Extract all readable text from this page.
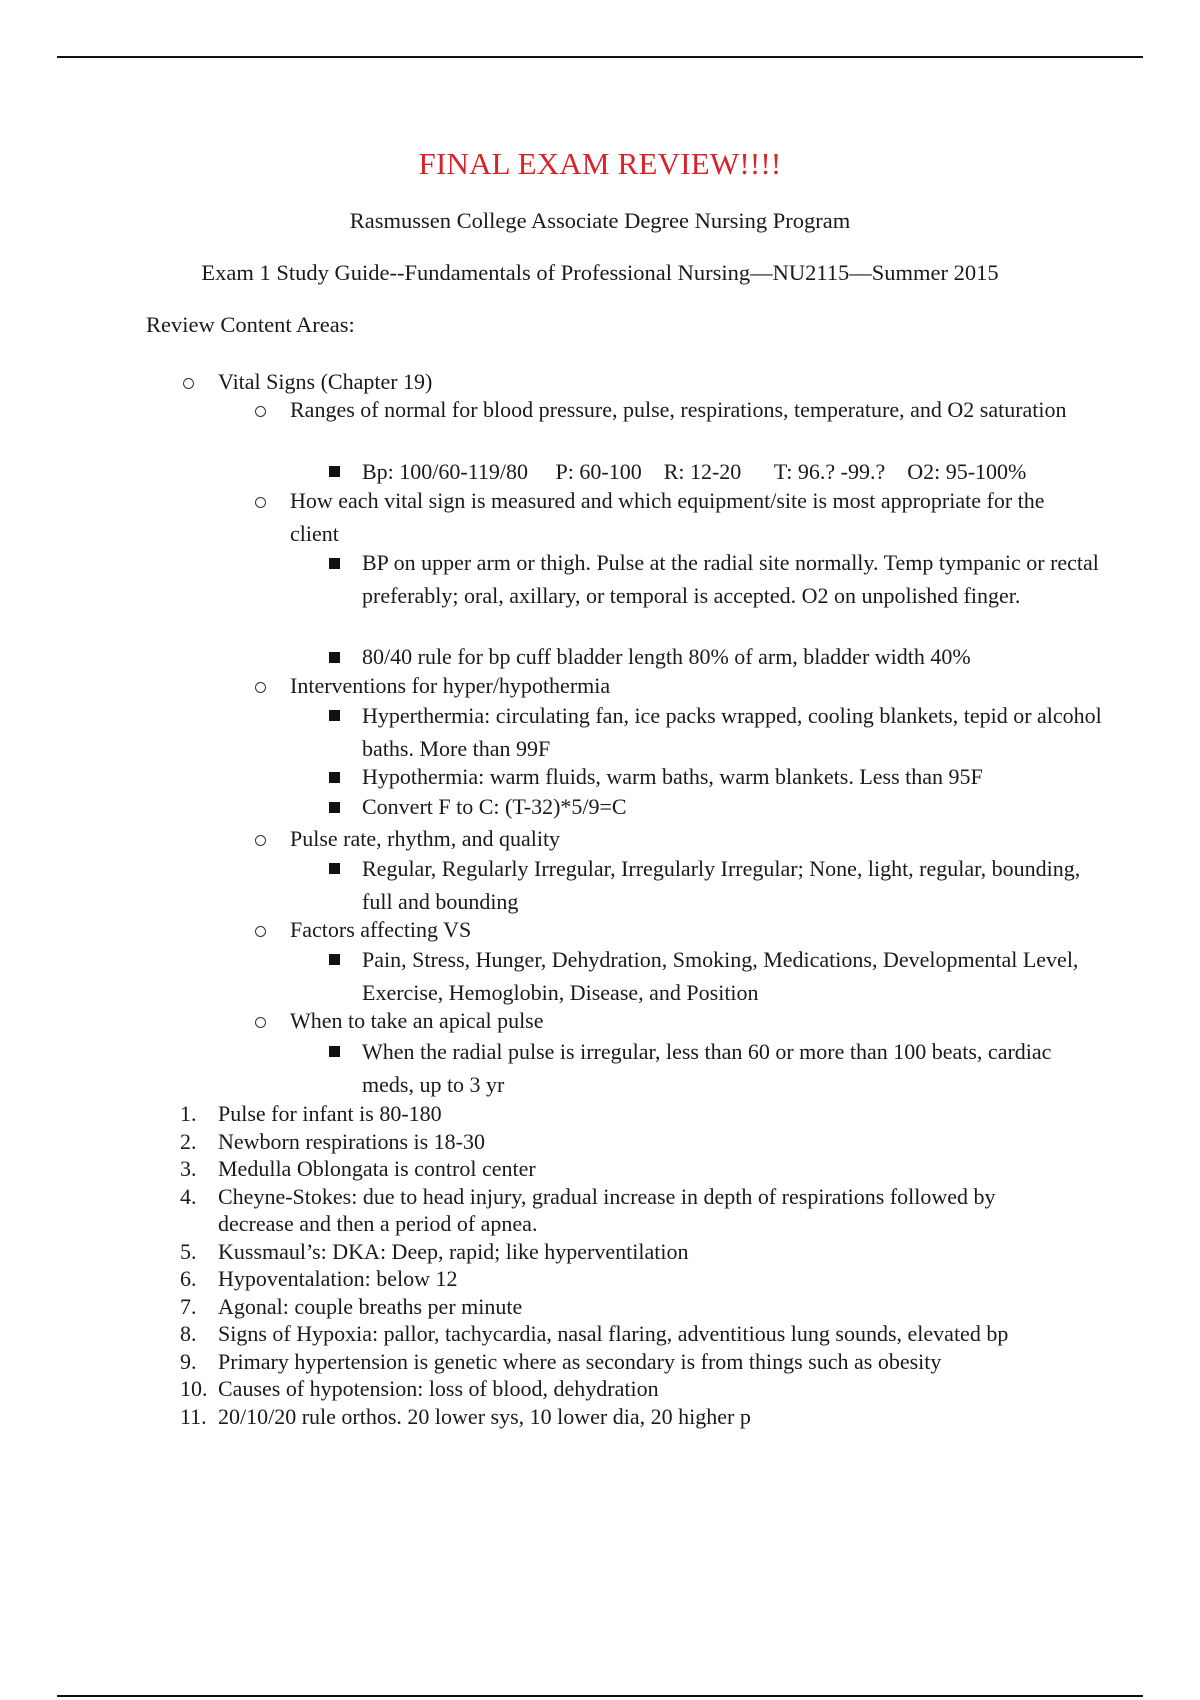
FINAL EXAM REVIEW!!!!
Rasmussen College Associate Degree Nursing Program
Exam 1 Study Guide--Fundamentals of Professional Nursing—NU2115—Summer 2015
Review Content Areas:
Vital Signs (Chapter 19)
Ranges of normal for blood pressure, pulse, respirations, temperature, and O2 saturation
Bp: 100/60-119/80     P: 60-100    R: 12-20      T: 96.? -99.?    O2: 95-100%
How each vital sign is measured and which equipment/site is most appropriate for the client
BP on upper arm or thigh. Pulse at the radial site normally. Temp tympanic or rectal preferably; oral, axillary, or temporal is accepted. O2 on unpolished finger.
80/40 rule for bp cuff bladder length 80% of arm, bladder width 40%
Interventions for hyper/hypothermia
Hyperthermia: circulating fan, ice packs wrapped, cooling blankets, tepid or alcohol baths. More than 99F
Hypothermia: warm fluids, warm baths, warm blankets. Less than 95F
Convert F to C: (T-32)*5/9=C
Pulse rate, rhythm, and quality
Regular, Regularly Irregular, Irregularly Irregular; None, light, regular, bounding, full and bounding
Factors affecting VS
Pain, Stress, Hunger, Dehydration, Smoking, Medications, Developmental Level, Exercise, Hemoglobin, Disease, and Position
When to take an apical pulse
When the radial pulse is irregular, less than 60 or more than 100 beats, cardiac meds, up to 3 yr
1. Pulse for infant is 80-180
2. Newborn respirations is 18-30
3. Medulla Oblongata is control center
4. Cheyne-Stokes: due to head injury, gradual increase in depth of respirations followed by decrease and then a period of apnea.
5. Kussmaul’s: DKA: Deep, rapid; like hyperventilation
6. Hypoventalation: below 12
7. Agonal: couple breaths per minute
8. Signs of Hypoxia: pallor, tachycardia, nasal flaring, adventitious lung sounds, elevated bp
9. Primary hypertension is genetic where as secondary is from things such as obesity
10. Causes of hypotension: loss of blood, dehydration
11. 20/10/20 rule orthos. 20 lower sys, 10 lower dia, 20 higher p
